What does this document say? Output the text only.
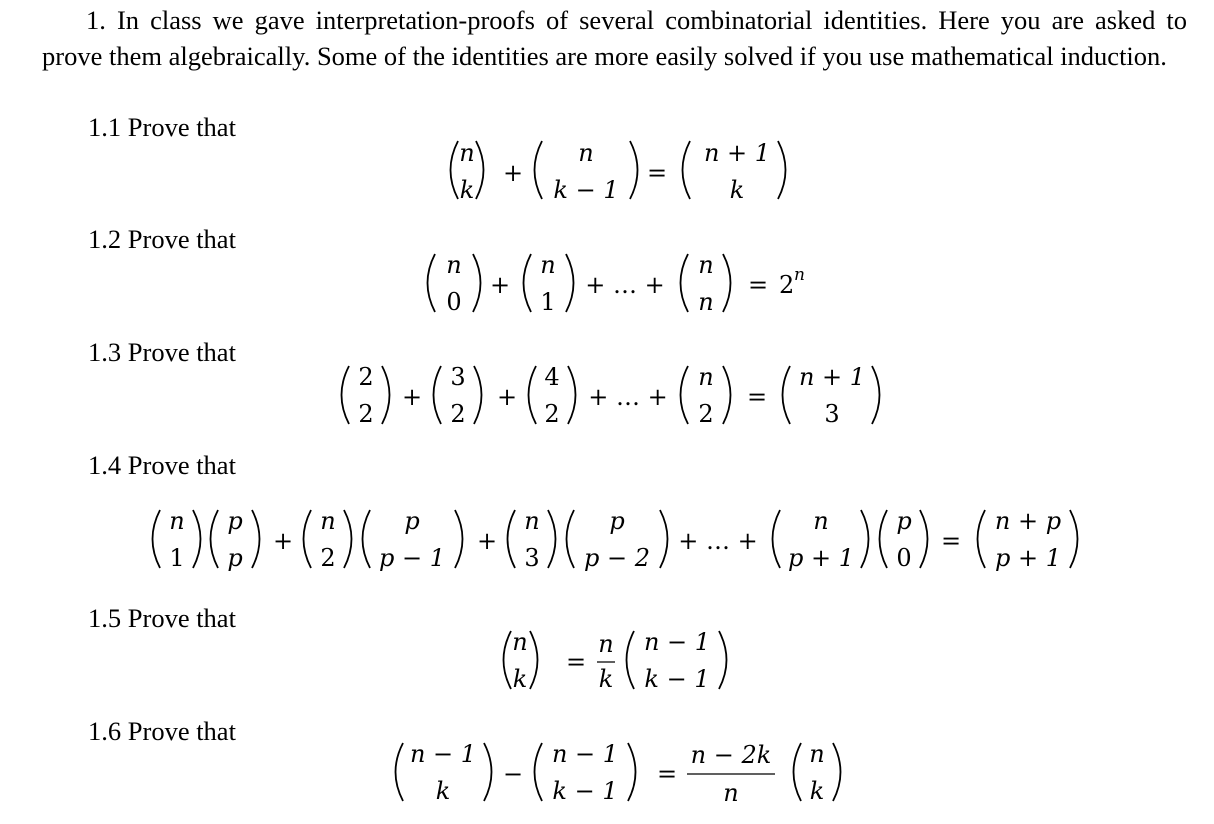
1. In class we gave interpretation-proofs of several combinatorial identities. Here you are asked to prove them algebraically. Some of the identities are more easily solved if you use mathematical induction.

1.1 Prove that

1.2 Prove that

1.3 Prove that

1.4 Prove that

1.5 Prove that

1.6 Prove that

n
k
+
n
k − 1
=
n + 1
k
n
0
+
n
1
+ … +
n
n
= 2 n
2
2
+
3
2
+
4
2
+ … +
n
2
=
n + 1
3
n
1
p
p
+
n
2
p
p − 1
+
n
3
p
p − 2
+ … +
n
p + 1
p
0
=
n + p
p + 1
n
k
=
n
k
n − 1
k − 1
n − 1
k
−
n − 1
k − 1
=
n − 2k
n
n
k
